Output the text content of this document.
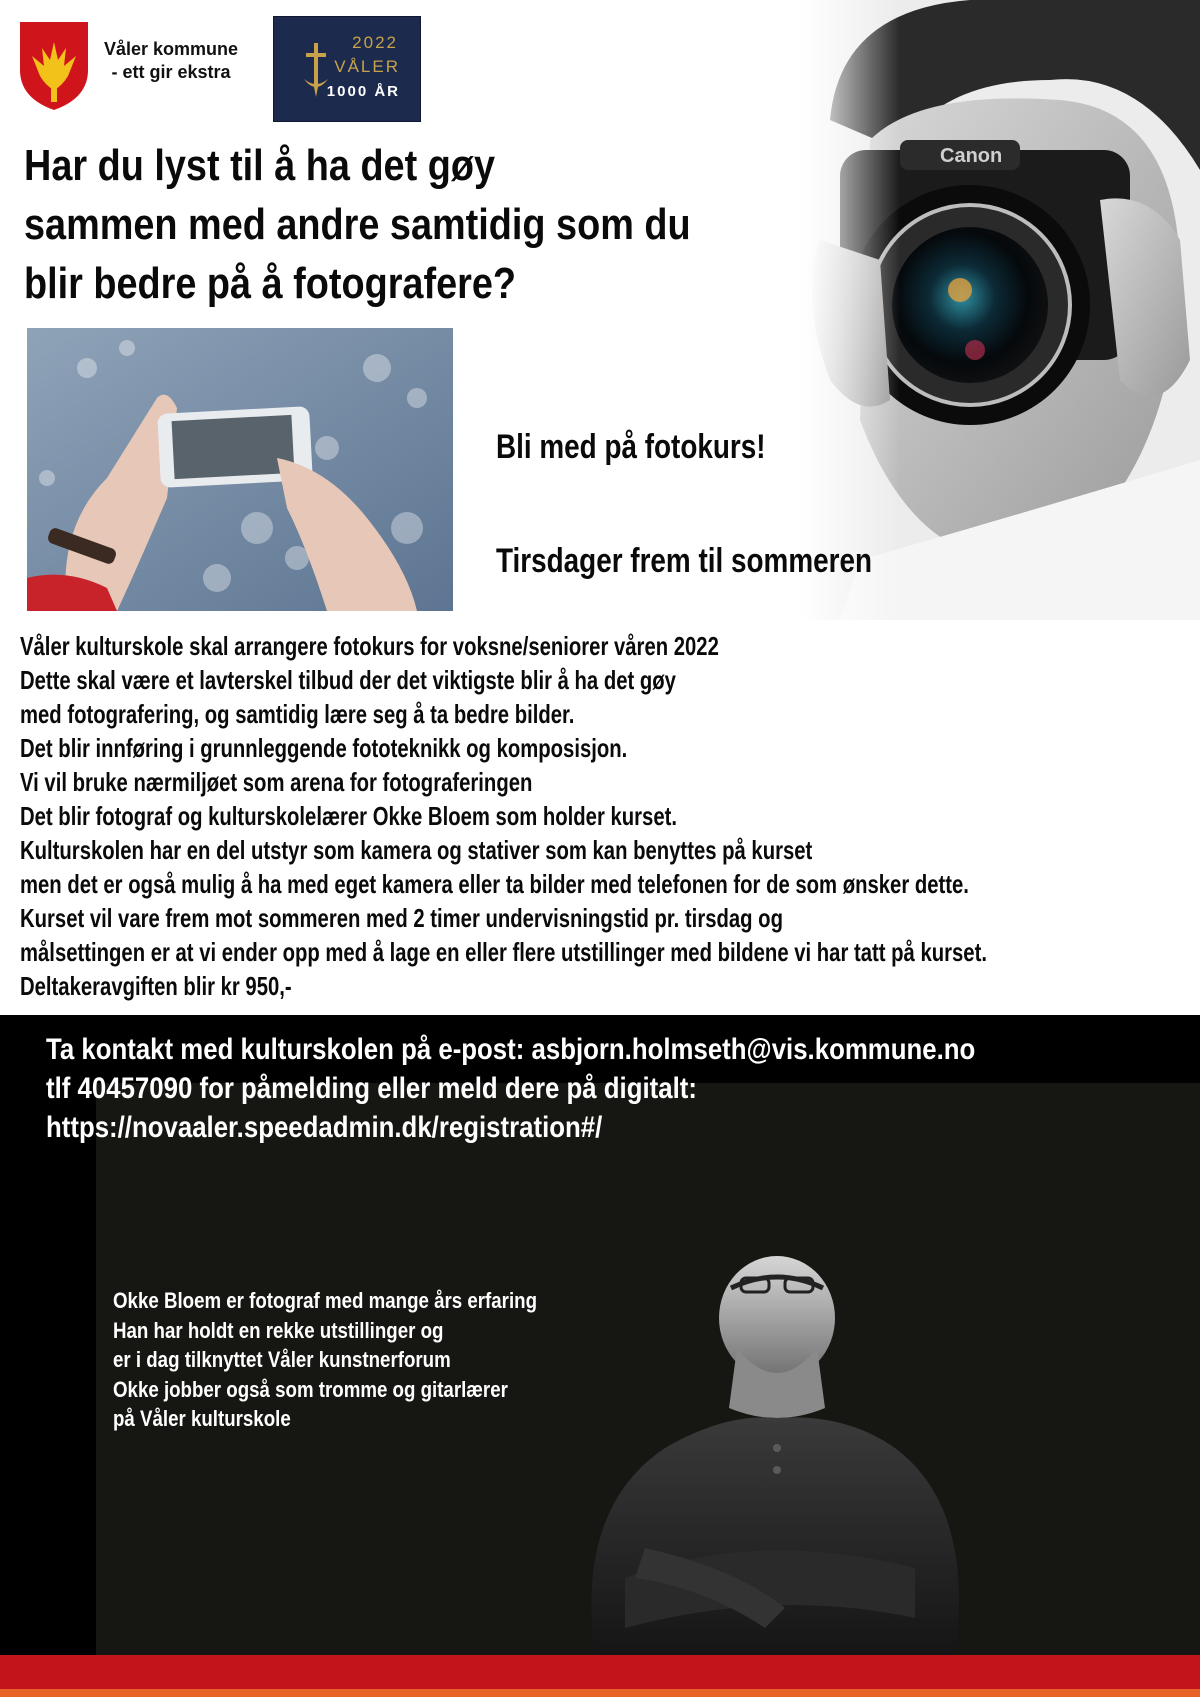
Våler kommune
- ett gir ekstra
2022
VÅLER
1000 ÅR
Har du lyst til å ha det gøy
sammen med andre samtidig som du
blir bedre på å fotografere?
Bli med på fotokurs!
Tirsdager frem til sommeren
Våler kulturskole skal arrangere fotokurs for voksne/seniorer våren 2022
Dette skal være et lavterskel tilbud der det viktigste blir å ha det gøy
med fotografering, og samtidig lære seg å ta bedre bilder.
Det blir innføring i grunnleggende fototeknikk og komposisjon.
Vi vil bruke nærmiljøet som arena for fotograferingen
Det blir fotograf og kulturskolelærer Okke Bloem som holder kurset.
Kulturskolen har en del utstyr som kamera og stativer som kan benyttes på kurset
men det er også mulig å ha med eget kamera eller ta bilder med telefonen for de som ønsker dette.
Kurset vil vare frem mot sommeren med 2 timer undervisningstid pr. tirsdag og
målsettingen er at vi ender opp med å lage en eller flere utstillinger med bildene vi har tatt på kurset.
Deltakeravgiften blir kr 950,-
Ta kontakt med kulturskolen på e-post: asbjorn.holmseth@vis.kommune.no
tlf 40457090 for påmelding eller meld dere på digitalt:
https://novaaler.speedadmin.dk/registration#/
Okke Bloem er fotograf med mange års erfaring
Han har holdt en rekke utstillinger og
er i dag tilknyttet Våler kunstnerforum
Okke jobber også som tromme og gitarlærer
på Våler kulturskole
